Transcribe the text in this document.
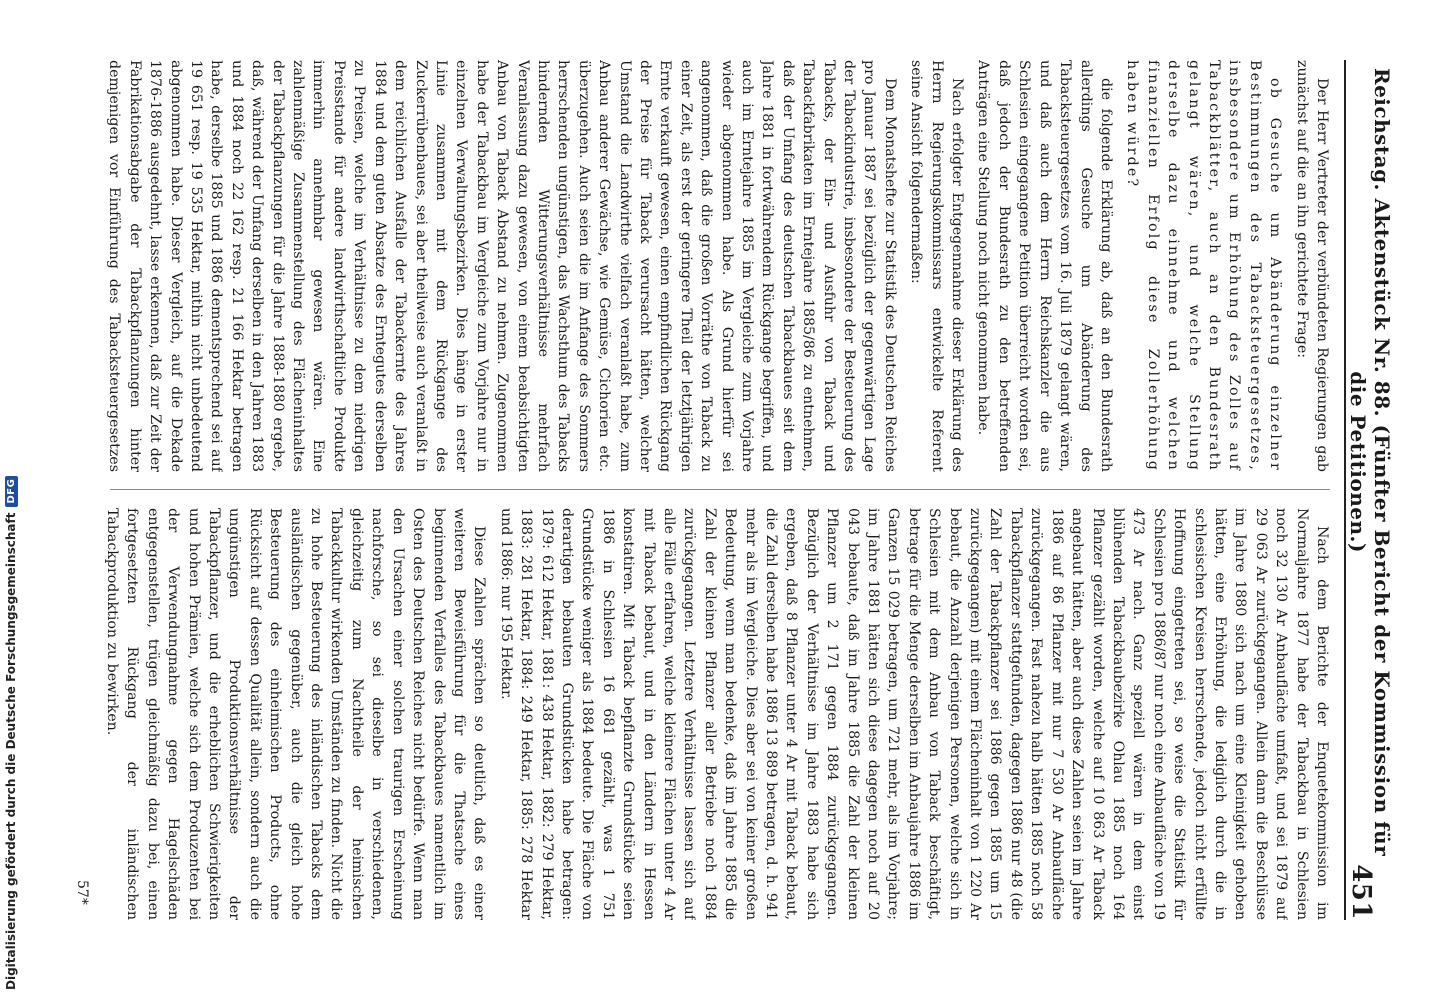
Reichstag. Aktenstück Nr. 88. (Fünfter Bericht der Kommission für die Petitionen.)
451

Der Herr Vertreter der verbündeten Regierungen gab zunächst auf die an ihn gerichtete Frage:

ob Gesuche um Abänderung einzelner Bestimmungen des Tabacksteuergesetzes, insbesondere um Erhöhung des Zolles auf Tabackblätter, auch an den Bundesrath gelangt wären, und welche Stellung derselbe dazu einnehme und welchen finanziellen Erfolg diese Zollerhöhung haben würde?

die folgende Erklärung ab, daß an den Bundesrath allerdings Gesuche um Abänderung des Tabacksteuergesetzes vom 16. Juli 1879 gelangt wären, und daß auch dem Herrn Reichskanzler die aus Schlesien eingegangene Petition überreicht worden sei, daß jedoch der Bundesrath zu den betreffenden Anträgen eine Stellung noch nicht genommen habe.

Nach erfolgter Entgegennahme dieser Erklärung des Herrn Regierungskommissars entwickelte Referent seine Ansicht folgendermaßen:

Dem Monatshefte zur Statistik des Deutschen Reiches pro Januar 1887 sei bezüglich der gegenwärtigen Lage der Tabackindustrie, insbesondere der Besteuerung des Tabacks, der Ein- und Ausfuhr von Taback und Tabackfabrikaten im Erntejahre 1885/86 zu entnehmen, daß der Umfang des deutschen Tabackbaues seit dem Jahre 1881 in fortwährendem Rückgange begriffen, und auch im Erntejahre 1885 im Vergleiche zum Vorjahre wieder abgenommen habe. Als Grund hierfür sei angenommen, daß die großen Vorräthe von Taback zu einer Zeit, als erst der geringere Theil der letztjährigen Ernte verkauft gewesen, einen empfindlichen Rückgang der Preise für Taback verursacht hätten, welcher Umstand die Landwirthe vielfach veranlaßt habe, zum Anbau anderer Gewächse, wie Gemüse, Cichorien etc. überzugehen. Auch seien die im Anfange des Sommers herrschenden ungünstigen, das Wachsthum des Tabacks hindernden Witterungsverhältnisse mehrfach Veranlassung dazu gewesen, von einem beabsichtigten Anbau von Taback Abstand zu nehmen. Zugenommen habe der Tabackbau im Vergleiche zum Vorjahre nur in einzelnen Verwaltungsbezirken. Dies hänge in erster Linie zusammen mit dem Rückgange des Zuckerrübenbaues, sei aber theilweise auch veranlaßt in dem reichlichen Ausfalle der Tabackernte des Jahres 1884 und dem guten Absatze des Erntegutes derselben zu Preisen, welche im Verhältnisse zu dem niedrigen Preisstande für andere landwirthschaftliche Produkte immerhin annehmbar gewesen wären. Eine zahlenmäßige Zusammenstellung des Flächeninhaltes der Tabackpflanzungen für die Jahre 1888-1880 ergebe, daß, während der Umfang derselben in den Jahren 1883 und 1884 noch 22 162 resp. 21 166 Hektar betragen habe, derselbe 1885 und 1886 dementsprechend sei auf 19 651 resp. 19 535 Hektar, mithin nicht unbedeutend abgenommen habe. Dieser Vergleich, auf die Dekade 1876-1886 ausgedehnt, lasse erkennen, daß zur Zeit der Fabrikationsabgabe der Tabackpflanzungen hinter demjenigen vor Einführung des Tabacksteuergesetzes

Nach dem Berichte der Enquetekommission im Normaljahre 1877 habe der Tabackbau in Schlesien noch 32 130 Ar Anbaufläche umfaßt, und sei 1879 auf 29 063 Ar zurückgegangen. Allein dann die Beschlüsse im Jahre 1880 sich nach um eine Kleinigkeit gehoben hätten, eine Erhöhung, die lediglich durch die in schlesischen Kreisen herrschende, jedoch nicht erfüllte Hoffnung eingetreten sei, so weise die Statistik für Schlesien pro 1886/87 nur noch eine Anbaufläche von 19 473 Ar nach. Ganz speziell wären in dem einst blühenden Tabackbaubezirke Ohlau 1885 noch 164 Pflanzer gezählt worden, welche auf 10 863 Ar Taback angebaut hätten, aber auch diese Zahlen seien im Jahre 1886 auf 86 Pflanzer mit nur 7 530 Ar Anbaufläche zurückgegangen. Fast nahezu halb hätten 1885 noch 58 Tabackpflanzer stattgefunden, dagegen 1886 nur 48 (die Zahl der Tabackpflanzer sei 1886 gegen 1885 um 15 zurückgegangen) mit einem Flächeninhalt von 1 220 Ar bebaut, die Anzahl derjenigen Personen, welche sich in Schlesien mit dem Anbau von Taback beschäftigt, betrage für die Menge derselben im Anbaujahre 1886 im Ganzen 15 029 betragen, um 721 mehr, als im Vorjahre; im Jahre 1881 hätten sich diese dagegen noch auf 20 043 bebaute, daß im Jahre 1885 die Zahl der kleinen Pflanzer um 2 171 gegen 1884 zurückgegangen. Bezüglich der Verhältnisse im Jahre 1883 habe sich ergeben, daß 8 Pflanzer unter 4 Ar mit Taback bebaut, die Zahl derselben habe 1886 13 889 betragen, d. h. 941 mehr als im Vergleiche. Dies aber sei von keiner großen Bedeutung, wenn man bedenke, daß im Jahre 1885 die Zahl der kleinen Pflanzer aller Betriebe noch 1884 zurückgegangen. Letztere Verhältnisse lassen sich auf alle Fälle erfahren, welche kleinere Flächen unter 4 Ar mit Taback bebaut, und in den Ländern in Hessen konstatiren. Mit Taback bepflanzte Grundstücke seien 1886 in Schlesien 16 681 gezählt, was 1 751 Grundstücke weniger als 1884 bedeute. Die Fläche von derartigen bebauten Grundstücken habe betragen: 1879: 612 Hektar, 1881: 438 Hektar, 1882: 279 Hektar, 1883: 281 Hektar, 1884: 249 Hektar, 1885: 278 Hektar und 1886: nur 195 Hektar.

Diese Zahlen sprächen so deutlich, daß es einer weiteren Beweisführung für die Thatsache eines beginnenden Verfalles des Tabackbaues namentlich im Osten des Deutschen Reiches nicht bedürfe. Wenn man den Ursachen einer solchen traurigen Erscheinung nachforsche, so sei dieselbe in verschiedenen, gleichzeitig zum Nachtheile der heimischen Tabackkultur wirkenden Umständen zu finden. Nicht die zu hohe Besteuerung des inländischen Tabacks dem ausländischen gegenüber, auch die gleich hohe Besteuerung des einheimischen Products, ohne Rücksicht auf dessen Qualität allein, sondern auch die ungünstigen Produktionsverhältnisse der Tabackpflanzer, und die erheblichen Schwierigkeiten und hohen Prämien, welche sich dem Produzenten bei der Verwendungnahme gegen Hagelschäden entgegenstellen, trügen gleichmäßig dazu bei, einen fortgesetzten Rückgang der inländischen Tabackproduktion zu bewirken.

57*
Digitalisierung gefördert durch die Deutsche Forschungsgemeinschaft
DFG
